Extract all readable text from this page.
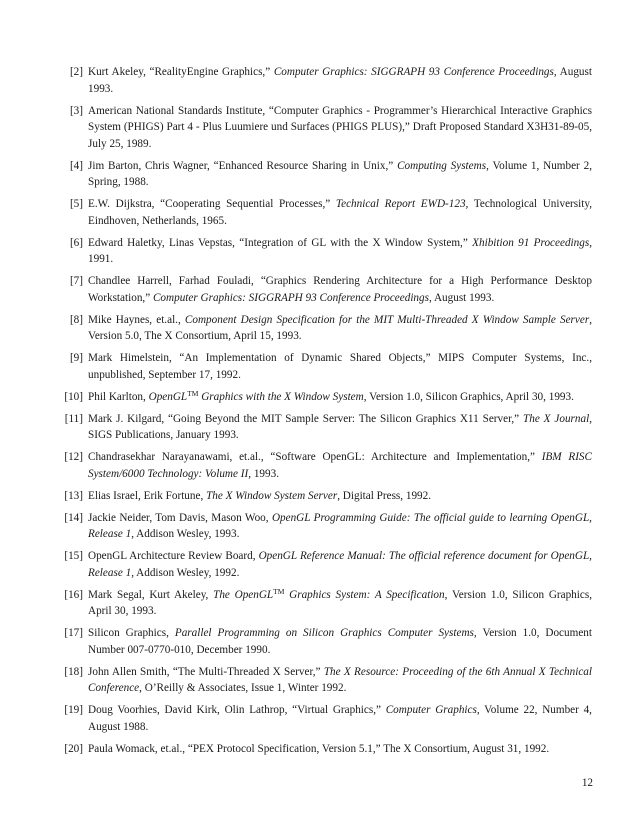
[2] Kurt Akeley, “RealityEngine Graphics,” Computer Graphics: SIGGRAPH 93 Conference Proceedings, August 1993.
[3] American National Standards Institute, “Computer Graphics - Programmer’s Hierarchical Interactive Graphics System (PHIGS) Part 4 - Plus Luumiere und Surfaces (PHIGS PLUS),” Draft Proposed Standard X3H31-89-05, July 25, 1989.
[4] Jim Barton, Chris Wagner, “Enhanced Resource Sharing in Unix,” Computing Systems, Volume 1, Number 2, Spring, 1988.
[5] E.W. Dijkstra, “Cooperating Sequential Processes,” Technical Report EWD-123, Technological University, Eindhoven, Netherlands, 1965.
[6] Edward Haletky, Linas Vepstas, “Integration of GL with the X Window System,” Xhibition 91 Proceedings, 1991.
[7] Chandlee Harrell, Farhad Fouladi, “Graphics Rendering Architecture for a High Performance Desktop Workstation,” Computer Graphics: SIGGRAPH 93 Conference Proceedings, August 1993.
[8] Mike Haynes, et.al., Component Design Specification for the MIT Multi-Threaded X Window Sample Server, Version 5.0, The X Consortium, April 15, 1993.
[9] Mark Himelstein, “An Implementation of Dynamic Shared Objects,” MIPS Computer Systems, Inc., unpublished, September 17, 1992.
[10] Phil Karlton, OpenGL™ Graphics with the X Window System, Version 1.0, Silicon Graphics, April 30, 1993.
[11] Mark J. Kilgard, “Going Beyond the MIT Sample Server: The Silicon Graphics X11 Server,” The X Journal, SIGS Publications, January 1993.
[12] Chandrasekhar Narayanawami, et.al., “Software OpenGL: Architecture and Implementation,” IBM RISC System/6000 Technology: Volume II, 1993.
[13] Elias Israel, Erik Fortune, The X Window System Server, Digital Press, 1992.
[14] Jackie Neider, Tom Davis, Mason Woo, OpenGL Programming Guide: The official guide to learning OpenGL, Release 1, Addison Wesley, 1993.
[15] OpenGL Architecture Review Board, OpenGL Reference Manual: The official reference document for OpenGL, Release 1, Addison Wesley, 1992.
[16] Mark Segal, Kurt Akeley, The OpenGL™ Graphics System: A Specification, Version 1.0, Silicon Graphics, April 30, 1993.
[17] Silicon Graphics, Parallel Programming on Silicon Graphics Computer Systems, Version 1.0, Document Number 007-0770-010, December 1990.
[18] John Allen Smith, “The Multi-Threaded X Server,” The X Resource: Proceeding of the 6th Annual X Technical Conference, O’Reilly & Associates, Issue 1, Winter 1992.
[19] Doug Voorhies, David Kirk, Olin Lathrop, “Virtual Graphics,” Computer Graphics, Volume 22, Number 4, August 1988.
[20] Paula Womack, et.al., “PEX Protocol Specification, Version 5.1,” The X Consortium, August 31, 1992.
12
